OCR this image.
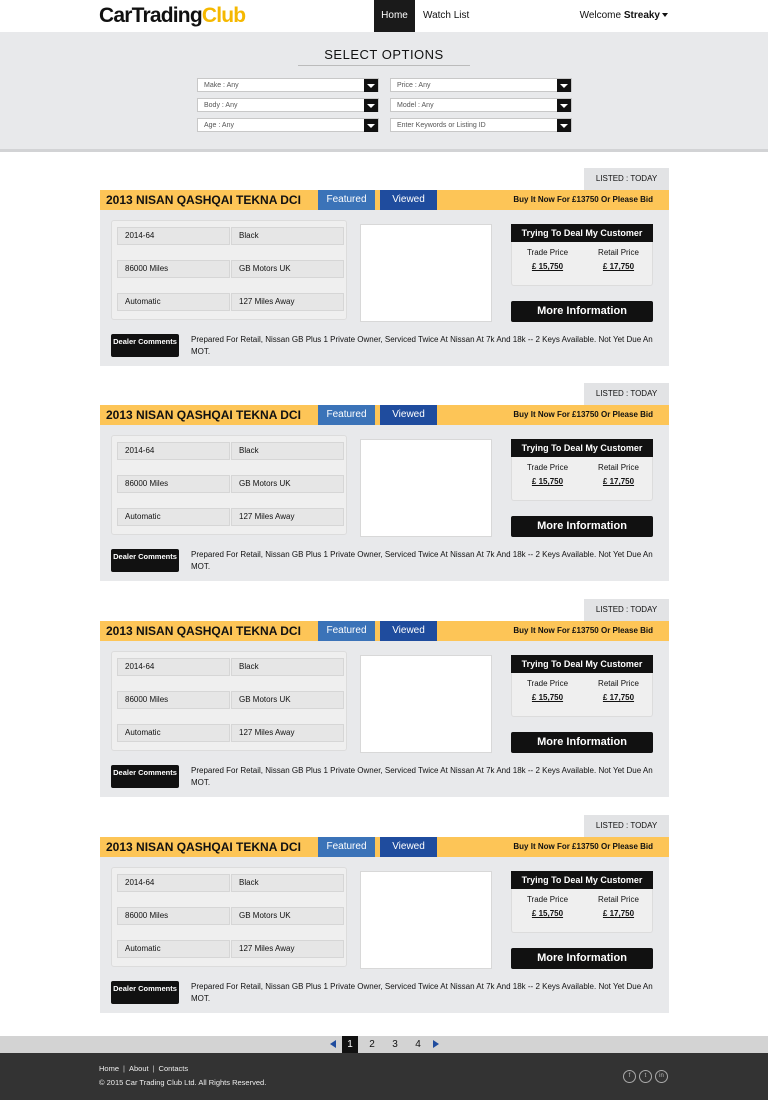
CarTradingClub	Home	Watch List	Welcome Streaky
SELECT OPTIONS
Make : Any	Price : Any
Body : Any	Model : Any
Age : Any	Enter Keywords or Listing ID
LISTED : TODAY
2013 NISAN QASHQAI TEKNA DCI	Featured	Viewed	Buy It Now For £13750 Or Please Bid
2014-64	Black
86000 Miles	GB Motors UK
Automatic	127 Miles Away
Trying To Deal My Customer
Trade Price	Retail Price
£ 15,750	£ 17,750
More Information
Dealer Comments Prepared For Retail, Nissan GB Plus 1 Private Owner, Serviced Twice At Nissan At 7k And 18k -- 2 Keys Available. Not Yet Due An MOT.
LISTED : TODAY
2013 NISAN QASHQAI TEKNA DCI	Featured	Viewed	Buy It Now For £13750 Or Please Bid
2014-64	Black
86000 Miles	GB Motors UK
Automatic	127 Miles Away
Trying To Deal My Customer
Trade Price	Retail Price
£ 15,750	£ 17,750
More Information
Dealer Comments Prepared For Retail, Nissan GB Plus 1 Private Owner, Serviced Twice At Nissan At 7k And 18k -- 2 Keys Available. Not Yet Due An MOT.
LISTED : TODAY
2013 NISAN QASHQAI TEKNA DCI	Featured	Viewed	Buy It Now For £13750 Or Please Bid
2014-64	Black
86000 Miles	GB Motors UK
Automatic	127 Miles Away
Trying To Deal My Customer
Trade Price	Retail Price
£ 15,750	£ 17,750
More Information
Dealer Comments Prepared For Retail, Nissan GB Plus 1 Private Owner, Serviced Twice At Nissan At 7k And 18k -- 2 Keys Available. Not Yet Due An MOT.
LISTED : TODAY
2013 NISAN QASHQAI TEKNA DCI	Featured	Viewed	Buy It Now For £13750 Or Please Bid
2014-64	Black
86000 Miles	GB Motors UK
Automatic	127 Miles Away
Trying To Deal My Customer
Trade Price	Retail Price
£ 15,750	£ 17,750
More Information
Dealer Comments Prepared For Retail, Nissan GB Plus 1 Private Owner, Serviced Twice At Nissan At 7k And 18k -- 2 Keys Available. Not Yet Due An MOT.
1	2	3	4
Home | About | Contacts
© 2015 Car Trading Club Ltd. All Rights Reserved.
f	t	in
